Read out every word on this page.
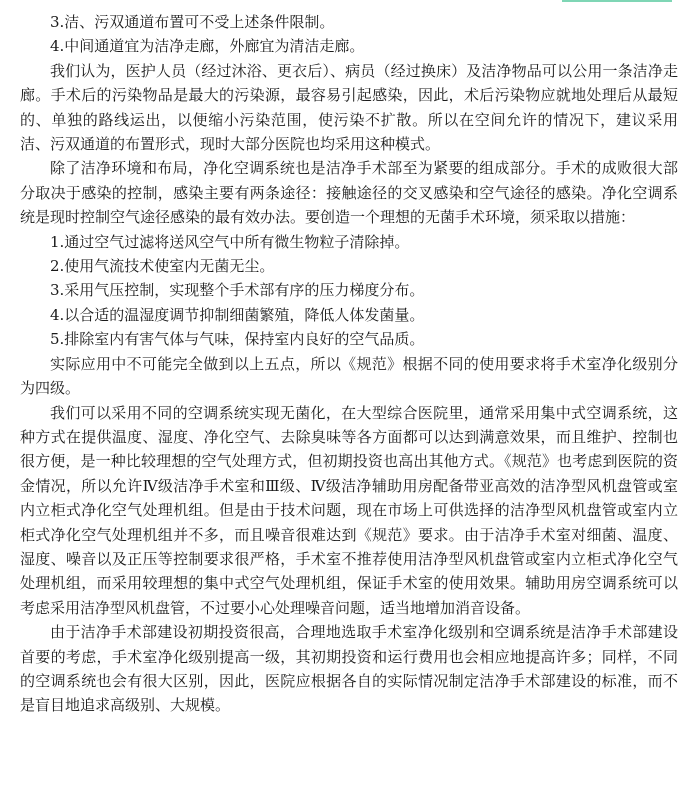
3.洁、污双通道布置可不受上述条件限制。

4.中间通道宜为洁净走廊，外廊宜为清洁走廊。

我们认为，医护人员（经过沐浴、更衣后）、病员（经过换床）及洁净物品可以公用一条洁净走廊。手术后的污染物品是最大的污染源，最容易引起感染，因此，术后污染物应就地处理后从最短的、单独的路线运出，以便缩小污染范围，使污染不扩散。所以在空间允许的情况下，建议采用洁、污双通道的布置形式，现时大部分医院也均采用这种模式。

除了洁净环境和布局，净化空调系统也是洁净手术部至为紧要的组成部分。手术的成败很大部分取决于感染的控制，感染主要有两条途径：接触途径的交叉感染和空气途径的感染。净化空调系统是现时控制空气途径感染的最有效办法。要创造一个理想的无菌手术环境，须采取以措施：

1.通过空气过滤将送风空气中所有微生物粒子清除掉。

2.使用气流技术使室内无菌无尘。

3.采用气压控制，实现整个手术部有序的压力梯度分布。

4.以合适的温湿度调节抑制细菌繁殖，降低人体发菌量。

5.排除室内有害气体与气味，保持室内良好的空气品质。

实际应用中不可能完全做到以上五点，所以《规范》根据不同的使用要求将手术室净化级别分为四级。

我们可以采用不同的空调系统实现无菌化，在大型综合医院里，通常采用集中式空调系统，这种方式在提供温度、湿度、净化空气、去除臭味等各方面都可以达到满意效果，而且维护、控制也很方便，是一种比较理想的空气处理方式，但初期投资也高出其他方式。《规范》也考虑到医院的资金情况，所以允许Ⅳ级洁净手术室和Ⅲ级、Ⅳ级洁净辅助用房配备带亚高效的洁净型风机盘管或室内立柜式净化空气处理机组。但是由于技术问题，现在市场上可供选择的洁净型风机盘管或室内立柜式净化空气处理机组并不多，而且噪音很难达到《规范》要求。由于洁净手术室对细菌、温度、湿度、噪音以及正压等控制要求很严格，手术室不推荐使用洁净型风机盘管或室内立柜式净化空气处理机组，而采用较理想的集中式空气处理机组，保证手术室的使用效果。辅助用房空调系统可以考虑采用洁净型风机盘管，不过要小心处理噪音问题，适当地增加消音设备。

由于洁净手术部建设初期投资很高，合理地选取手术室净化级别和空调系统是洁净手术部建设首要的考虑，手术室净化级别提高一级，其初期投资和运行费用也会相应地提高许多；同样，不同的空调系统也会有很大区别，因此，医院应根据各自的实际情况制定洁净手术部建设的标准，而不是盲目地追求高级别、大规模。
